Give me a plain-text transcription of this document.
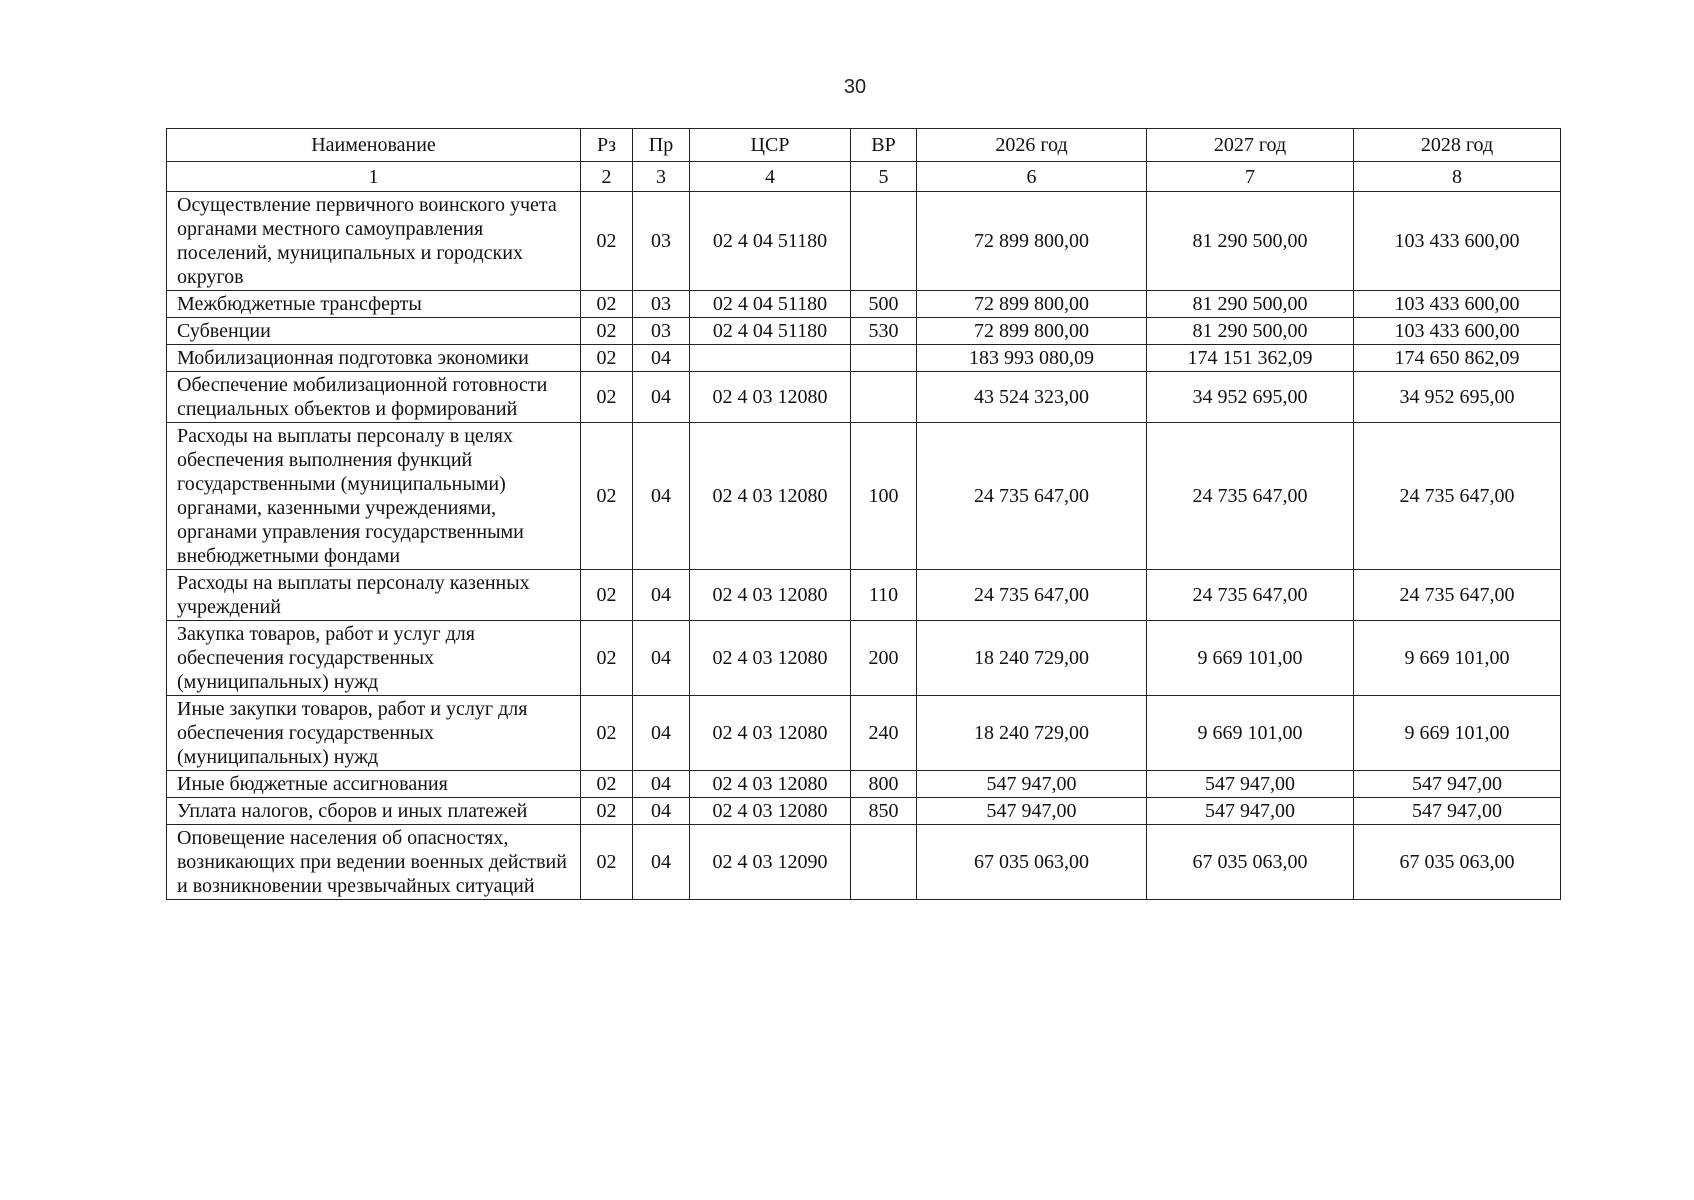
30
Наименование	Рз	Пр	ЦСР	ВР	2026 год	2027 год	2028 год
1	2	3	4	5	6	7	8
Осуществление первичного воинского учета органами местного самоуправления поселений, муниципальных и городских округов	02	03	02 4 04 51180		72 899 800,00	81 290 500,00	103 433 600,00
Межбюджетные трансферты	02	03	02 4 04 51180	500	72 899 800,00	81 290 500,00	103 433 600,00
Субвенции	02	03	02 4 04 51180	530	72 899 800,00	81 290 500,00	103 433 600,00
Мобилизационная подготовка экономики	02	04			183 993 080,09	174 151 362,09	174 650 862,09
Обеспечение мобилизационной готовности специальных объектов и формирований	02	04	02 4 03 12080		43 524 323,00	34 952 695,00	34 952 695,00
Расходы на выплаты персоналу в целях обеспечения выполнения функций государственными (муниципальными) органами, казенными учреждениями, органами управления государственными внебюджетными фондами	02	04	02 4 03 12080	100	24 735 647,00	24 735 647,00	24 735 647,00
Расходы на выплаты персоналу казенных учреждений	02	04	02 4 03 12080	110	24 735 647,00	24 735 647,00	24 735 647,00
Закупка товаров, работ и услуг для обеспечения государственных (муниципальных) нужд	02	04	02 4 03 12080	200	18 240 729,00	9 669 101,00	9 669 101,00
Иные закупки товаров, работ и услуг для обеспечения государственных (муниципальных) нужд	02	04	02 4 03 12080	240	18 240 729,00	9 669 101,00	9 669 101,00
Иные бюджетные ассигнования	02	04	02 4 03 12080	800	547 947,00	547 947,00	547 947,00
Уплата налогов, сборов и иных платежей	02	04	02 4 03 12080	850	547 947,00	547 947,00	547 947,00
Оповещение населения об опасностях, возникающих при ведении военных действий и возникновении чрезвычайных ситуаций	02	04	02 4 03 12090		67 035 063,00	67 035 063,00	67 035 063,00
